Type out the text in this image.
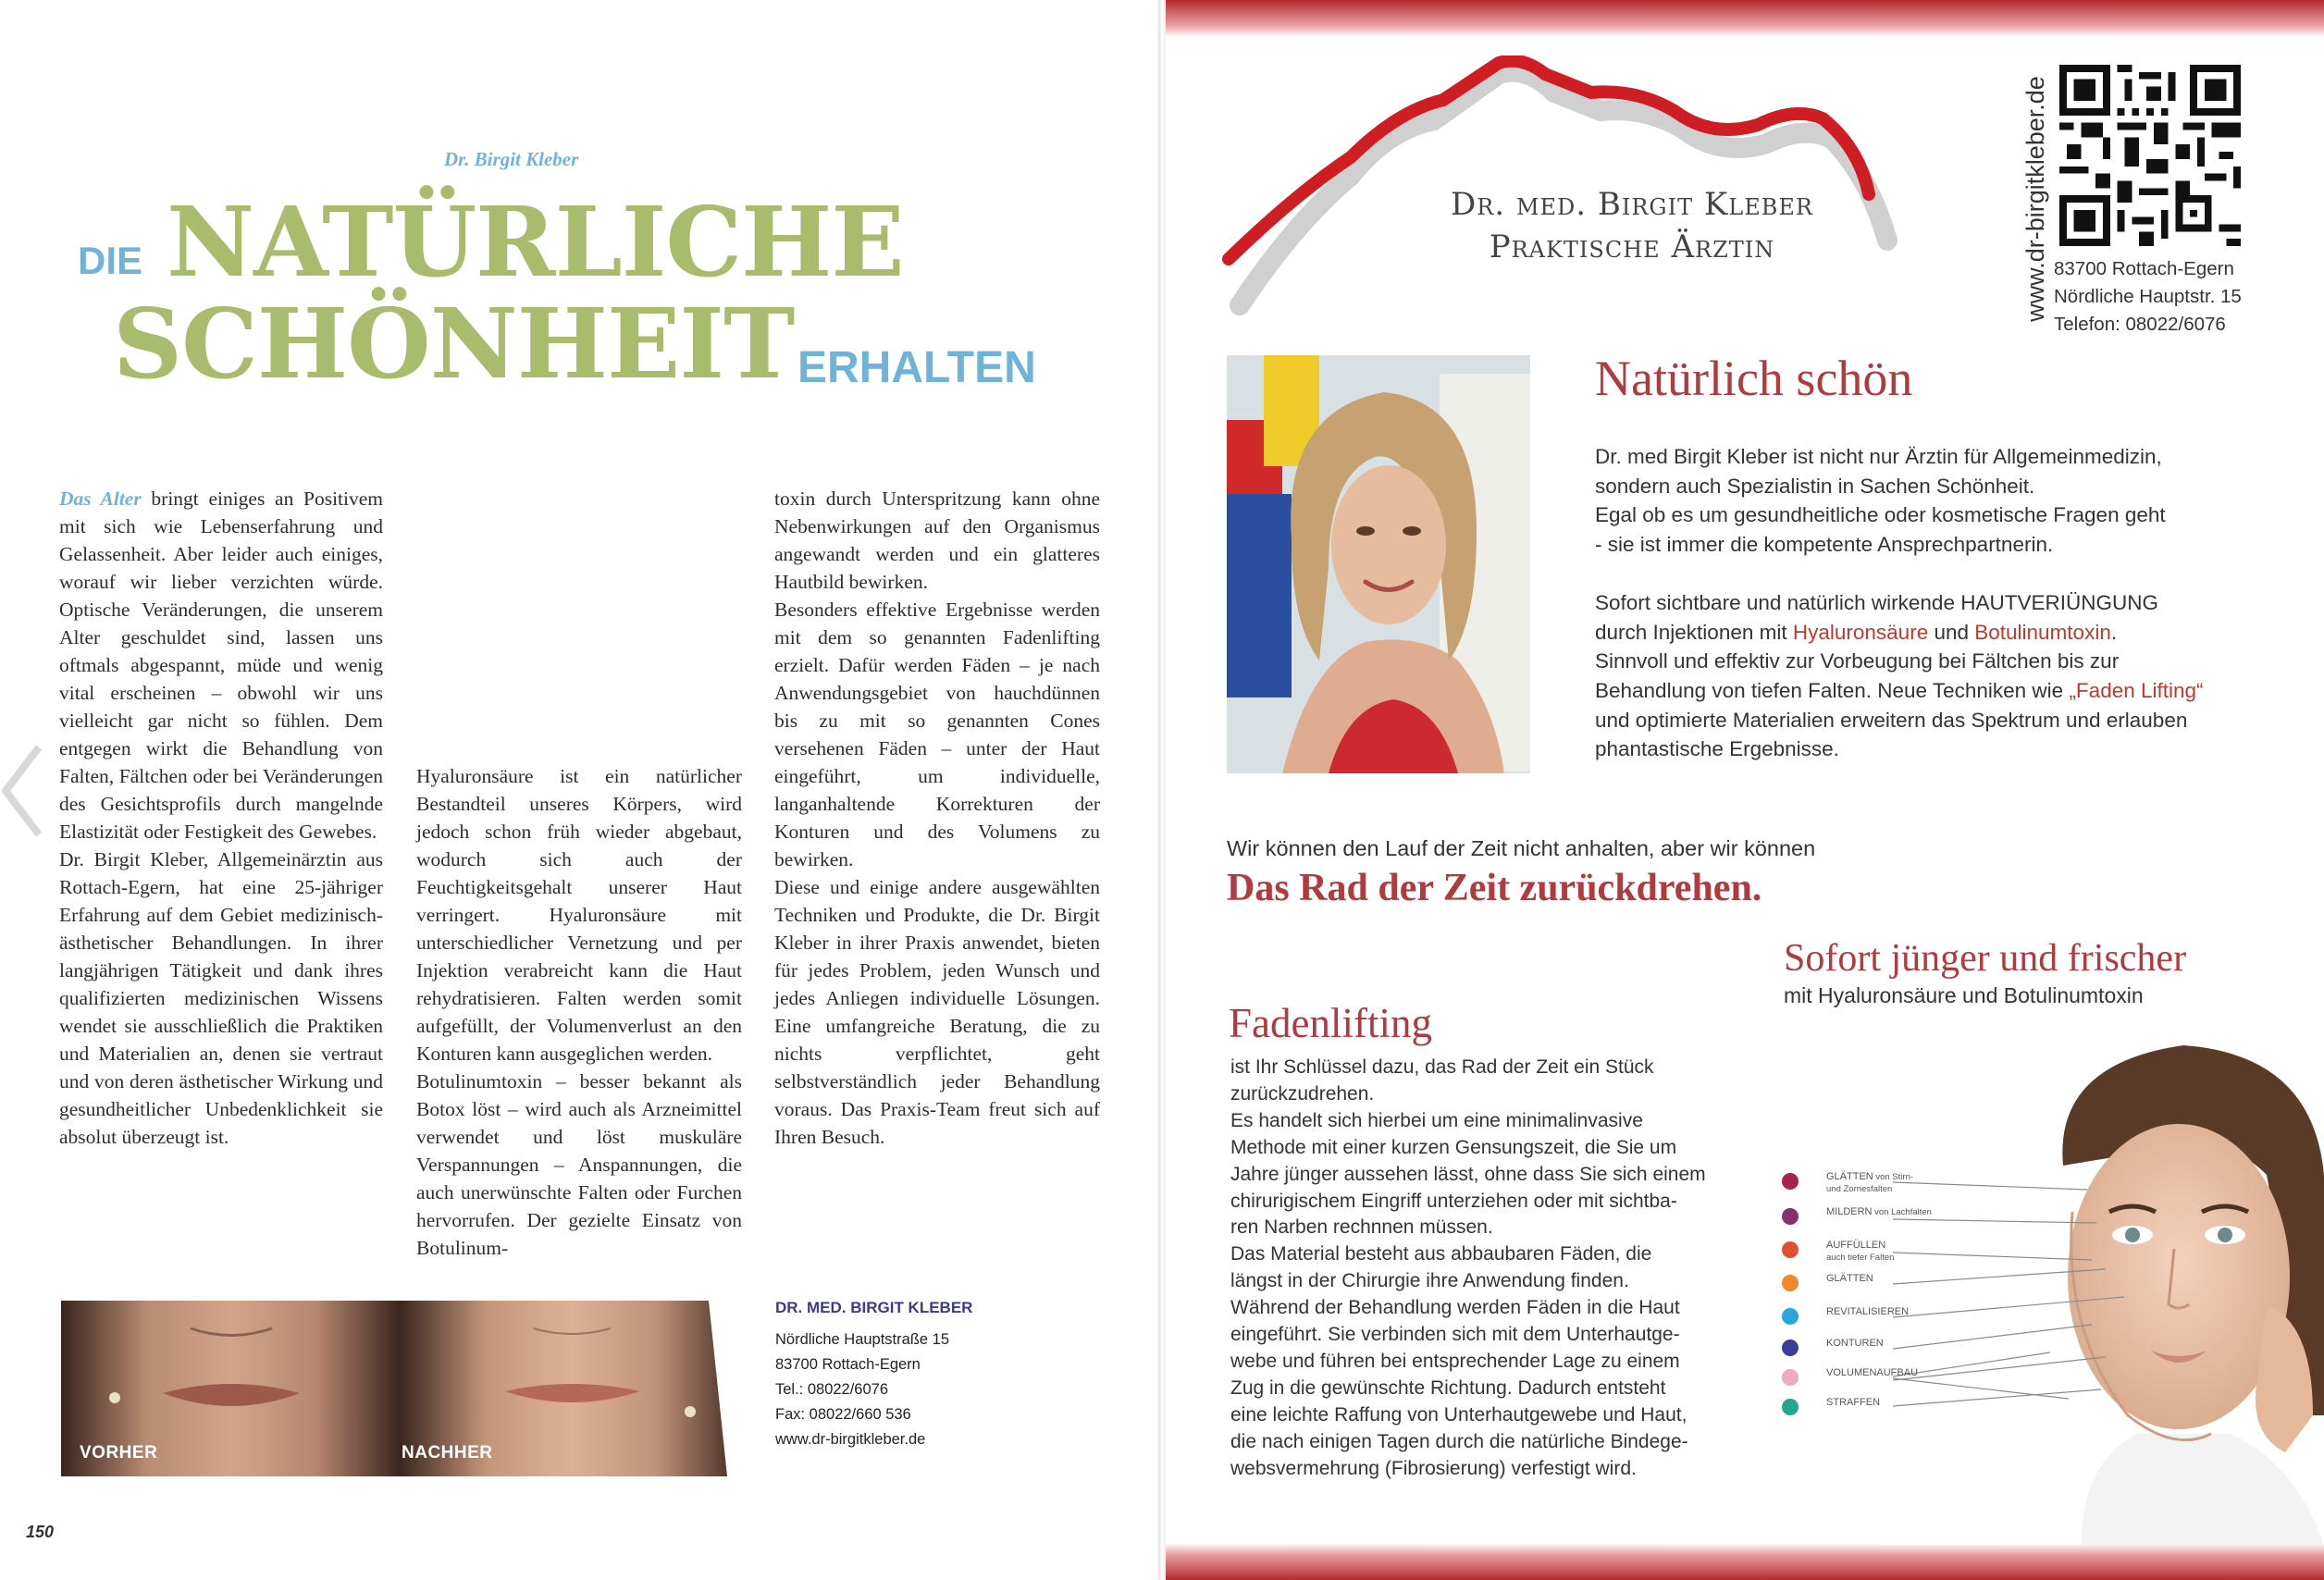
Dr. Birgit Kleber
DIE NATÜRLICHE
SCHÖNHEIT ERHALTEN

Das Alter bringt einiges an Positivem mit sich wie Lebenserfahrung und Gelassenheit. Aber leider auch einiges, worauf wir lieber verzichten würde. Optische Veränderungen, die unserem Alter geschuldet sind, lassen uns oftmals abgespannt, müde und wenig vital erscheinen – obwohl wir uns vielleicht gar nicht so fühlen. Dem entgegen wirkt die Behandlung von Falten, Fältchen oder bei Veränderungen des Gesichtsprofils durch mangelnde Elastizität oder Festigkeit des Gewebes.

Dr. Birgit Kleber, Allgemeinärztin aus Rottach-Egern, hat eine 25-jähriger Erfahrung auf dem Gebiet medizinisch-ästhetischer Behandlungen. In ihrer langjährigen Tätigkeit und dank ihres qualifizierten medizinischen Wissens wendet sie ausschließlich die Praktiken und Materialien an, denen sie vertraut und von deren ästhetischer Wirkung und gesundheitlicher Unbedenklichkeit sie absolut überzeugt ist.

Hyaluronsäure ist ein natürlicher Bestandteil unseres Körpers, wird jedoch schon früh wieder abgebaut, wodurch sich auch der Feuchtigkeitsgehalt unserer Haut verringert. Hyaluronsäure mit unterschiedlicher Vernetzung und per Injektion verabreicht kann die Haut rehydratisieren. Falten werden somit aufgefüllt, der Volumenverlust an den Konturen kann ausgeglichen werden.

Botulinumtoxin – besser bekannt als Botox löst – wird auch als Arzneimittel verwendet und löst muskuläre Verspannungen – Anspannungen, die auch unerwünschte Falten oder Furchen hervorrufen. Der gezielte Einsatz von Botulinum-

toxin durch Unterspritzung kann ohne Nebenwirkungen auf den Organismus angewandt werden und ein glatteres Hautbild bewirken.

Besonders effektive Ergebnisse werden mit dem so genannten Fadenlifting erzielt. Dafür werden Fäden – je nach Anwendungsgebiet von hauchdünnen bis zu mit so genannten Cones versehenen Fäden – unter der Haut eingeführt, um individuelle, langanhaltende Korrekturen der Konturen und des Volumens zu bewirken.

Diese und einige andere ausgewählten Techniken und Produkte, die Dr. Birgit Kleber in ihrer Praxis anwendet, bieten für jedes Problem, jeden Wunsch und jedes Anliegen individuelle Lösungen. Eine umfangreiche Beratung, die zu nichts verpflichtet, geht selbstverständlich jeder Behandlung voraus. Das Praxis-Team freut sich auf Ihren Besuch.

VORHER	NACHHER
DR. MED. BIRGIT KLEBER
Nördliche Hauptstraße 15
83700 Rottach-Egern
Tel.: 08022/6076
Fax: 08022/660 536
www.dr-birgitkleber.de
150
Dr. med. Birgit Kleber
Praktische Ärztin	www.dr-birgitkleber.de 83700 Rottach-Egern
Nördliche Hauptstr. 15
Telefon: 08022/6076
Natürlich schön
Dr. med Birgit Kleber ist nicht nur Ärztin für Allgemeinmedizin,
sondern auch Spezialistin in Sachen Schönheit.
Egal ob es um gesundheitliche oder kosmetische Fragen geht
- sie ist immer die kompetente Ansprechpartnerin.
Sofort sichtbare und natürlich wirkende HAUTVERIÜNGUNG
durch Injektionen mit Hyaluronsäure und Botulinumtoxin.
Sinnvoll und effektiv zur Vorbeugung bei Fältchen bis zur
Behandlung von tiefen Falten. Neue Techniken wie „Faden Lifting“
und optimierte Materialien erweitern das Spektrum und erlauben
phantastische Ergebnisse.
Wir können den Lauf der Zeit nicht anhalten, aber wir können
Das Rad der Zeit zurückdrehen.
Sofort jünger und frischer
mit Hyaluronsäure und Botulinumtoxin
Fadenlifting
ist Ihr Schlüssel dazu, das Rad der Zeit ein Stück
zurückzudrehen.
Es handelt sich hierbei um eine minimalinvasive
Methode mit einer kurzen Gensungszeit, die Sie um
Jahre jünger aussehen lässt, ohne dass Sie sich einem
chirurigischem Eingriff unterziehen oder mit sichtba-
ren Narben rechnnen müssen.
Das Material besteht aus abbaubaren Fäden, die
längst in der Chirurgie ihre Anwendung finden.
Während der Behandlung werden Fäden in die Haut
eingeführt. Sie verbinden sich mit dem Unterhautge-
webe und führen bei entsprechender Lage zu einem
Zug in die gewünschte Richtung. Dadurch entsteht
eine leichte Raffung von Unterhautgewebe und Haut,
die nach einigen Tagen durch die natürliche Bindege-
websvermehrung (Fibrosierung) verfestigt wird.
GLÄTTEN von Stirn-
und Zornesfalten
MILDERN von Lachfalten
AUFFÜLLEN
auch tiefer Falten
GLÄTTEN
REVITALISIEREN
KONTUREN
VOLUMENAUFBAU
STRAFFEN
